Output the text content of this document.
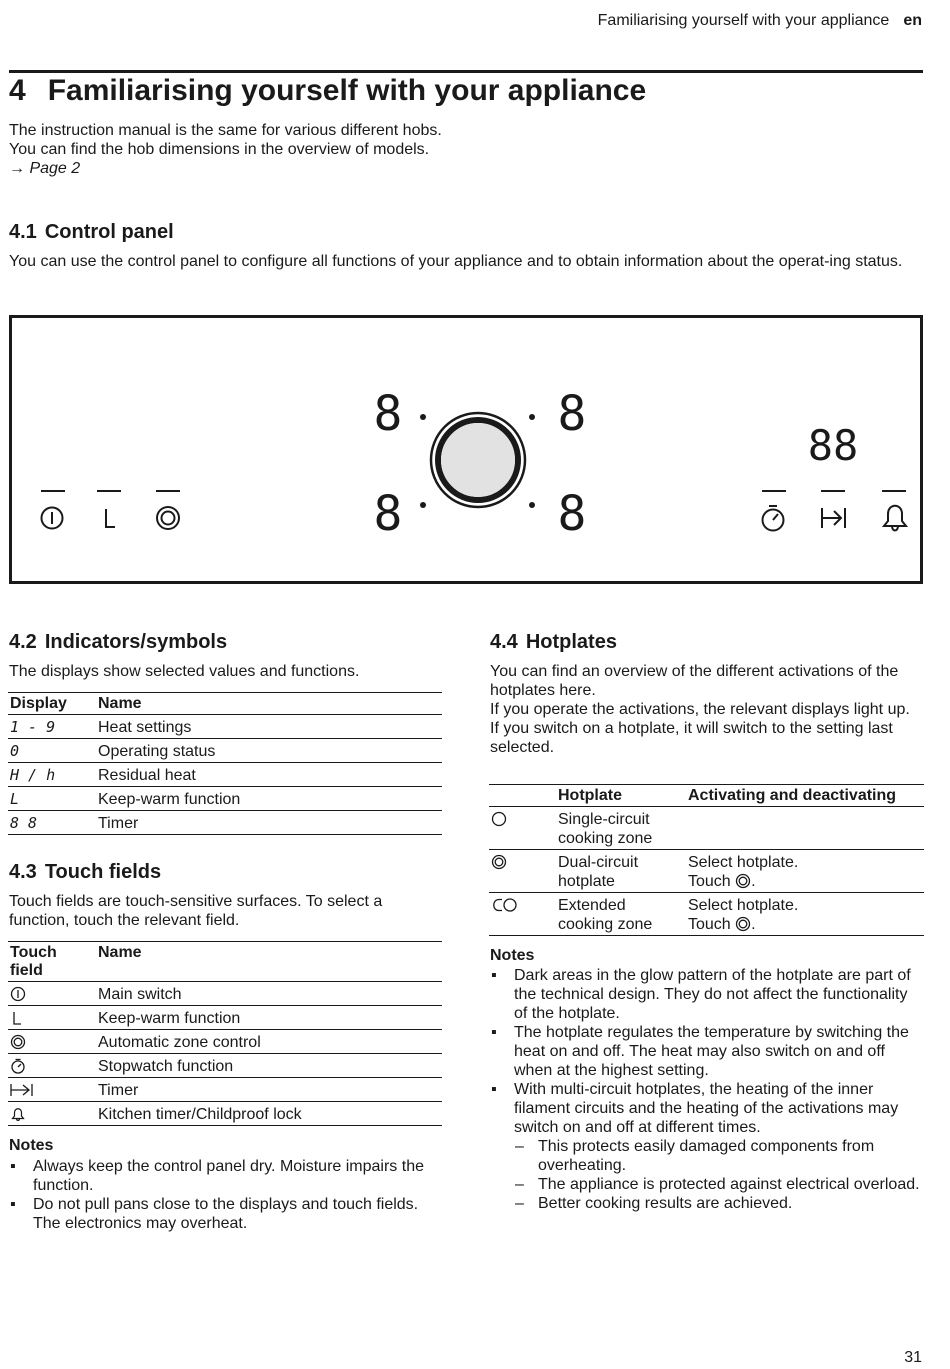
Familiarising yourself with your appliance en
4 Familiarising yourself with your appliance
The instruction manual is the same for various different hobs. You can find the hob dimensions in the overview of models. → Page 2
4.1 Control panel
You can use the control panel to configure all functions of your appliance and to obtain information about the operat-ing status.
8	8
8	8
88
4.2 Indicators/symbols
The displays show selected values and functions.
Display	Name
1 - 9	Heat settings
0	Operating status
H / h	Residual heat
L	Keep-warm function
8 8	Timer
4.3 Touch fields
Touch fields are touch-sensitive surfaces. To select a function, touch the relevant field.
Touch field	Name
	Main switch
	Keep-warm function
	Automatic zone control
	Stopwatch function
	Timer
	Kitchen timer/Childproof lock
Notes
▪ Always keep the control panel dry. Moisture impairs the function.
▪ Do not pull pans close to the displays and touch fields. The electronics may overheat.
4.4 Hotplates
You can find an overview of the different activations of the hotplates here.
If you operate the activations, the relevant displays light up.
If you switch on a hotplate, it will switch to the setting last selected.
	Hotplate	Activating and deactivating
	Single-circuit cooking zone	
	Dual-circuit hotplate	Select hotplate.
Touch .

	Extended cooking zone	Select hotplate.
Touch .
Notes
▪ Dark areas in the glow pattern of the hotplate are part of the technical design. They do not affect the functionality of the hotplate.
▪ The hotplate regulates the temperature by switching the heat on and off. The heat may also switch on and off when at the highest setting.
▪ With multi-circuit hotplates, the heating of the inner filament circuits and the heating of the activations may switch on and off at different times.
– This protects easily damaged components from overheating.
– The appliance is protected against electrical overload.
– Better cooking results are achieved.
31
